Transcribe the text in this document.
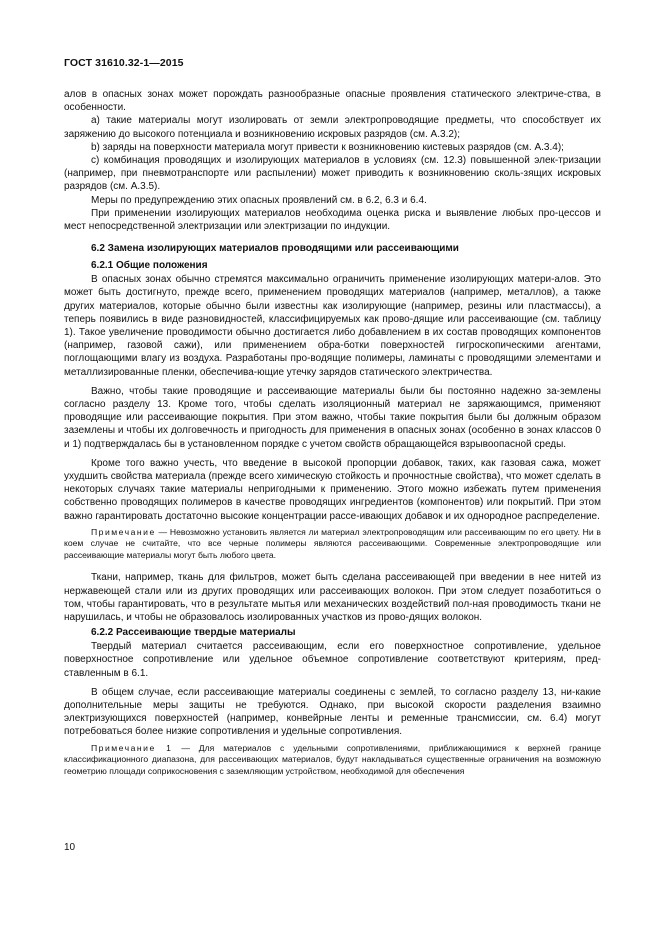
ГОСТ 31610.32-1—2015

алов в опасных зонах может порождать разнообразные опасные проявления статического электриче-ства, в особенности.

а) такие материалы могут изолировать от земли электропроводящие предметы, что способствует их заряжению до высокого потенциала и возникновению искровых разрядов (см. А.3.2);

b) заряды на поверхности материала могут привести к возникновению кистевых разрядов (см. А.3.4);

с) комбинация проводящих и изолирующих материалов в условиях (см. 12.3) повышенной элек-тризации (например, при пневмотранспорте или распылении) может приводить к возникновению сколь-зящих искровых разрядов (см. А.3.5).

Меры по предупреждению этих опасных проявлений см. в 6.2, 6.3 и 6.4.

При применении изолирующих материалов необходима оценка риска и выявление любых про-цессов и мест непосредственной электризации или электризации по индукции.

6.2 Замена изолирующих материалов проводящими или рассеивающими
6.2.1 Общие положения

В опасных зонах обычно стремятся максимально ограничить применение изолирующих матери-алов. Это может быть достигнуто, прежде всего, применением проводящих материалов (например, металлов), а также других материалов, которые обычно были известны как изолирующие (например, резины или пластмассы), а теперь появились в виде разновидностей, классифицируемых как прово-дящие или рассеивающие (см. таблицу 1). Такое увеличение проводимости обычно достигается либо добавлением в их состав проводящих компонентов (например, газовой сажи), или применением обра-ботки поверхностей гигроскопическими агентами, поглощающими влагу из воздуха. Разработаны про-водящие полимеры, ламинаты с проводящими элементами и металлизированные пленки, обеспечива-ющие утечку зарядов статического электричества.

Важно, чтобы такие проводящие и рассеивающие материалы были бы постоянно надежно за-землены согласно разделу 13. Кроме того, чтобы сделать изоляционный материал не заряжающимся, применяют проводящие или рассеивающие покрытия. При этом важно, чтобы такие покрытия были бы должным образом заземлены и чтобы их долговечность и пригодность для применения в опасных зонах (особенно в зонах классов 0 и 1) подтверждалась бы в установленном порядке с учетом свойств обращающейся взрывоопасной среды.

Кроме того важно учесть, что введение в высокой пропорции добавок, таких, как газовая сажа, может ухудшить свойства материала (прежде всего химическую стойкость и прочностные свойства), что может сделать в некоторых случаях такие материалы непригодными к применению. Этого можно избежать путем применения собственно проводящих полимеров в качестве проводящих ингредиентов (компонентов) или покрытий. При этом важно гарантировать достаточно высокие концентрации рассе-ивающих добавок и их однородное распределение.

Примечание — Невозможно установить является ли материал электропроводящим или рассеивающим по его цвету. Ни в коем случае не считайте, что все черные полимеры являются рассеивающими. Современные электропроводящие или рассеивающие материалы могут быть любого цвета.

Ткани, например, ткань для фильтров, может быть сделана рассеивающей при введении в нее нитей из нержавеющей стали или из других проводящих или рассеивающих волокон. При этом следует позаботиться о том, чтобы гарантировать, что в результате мытья или механических воздействий пол-ная проводимость ткани не нарушилась, и чтобы не образовалось изолированных участков из прово-дящих волокон.

6.2.2 Рассеивающие твердые материалы

Твердый материал считается рассеивающим, если его поверхностное сопротивление, удельное поверхностное сопротивление или удельное объемное сопротивление соответствуют критериям, пред-ставленным в 6.1.

В общем случае, если рассеивающие материалы соединены с землей, то согласно разделу 13, ни-какие дополнительные меры защиты не требуются. Однако, при высокой скорости разделения взаимно электризующихся поверхностей (например, конвейрные ленты и ременные трансмиссии, см. 6.4) могут потребоваться более низкие сопротивления и удельные сопротивления.

Примечание 1 — Для материалов с удельными сопротивлениями, приближающимися к верхней границе классификационного диапазона, для рассеивающих материалов, будут накладываться существенные ограничения на возможную геометрию площади соприкосновения с заземляющим устройством, необходимой для обеспечения

10
